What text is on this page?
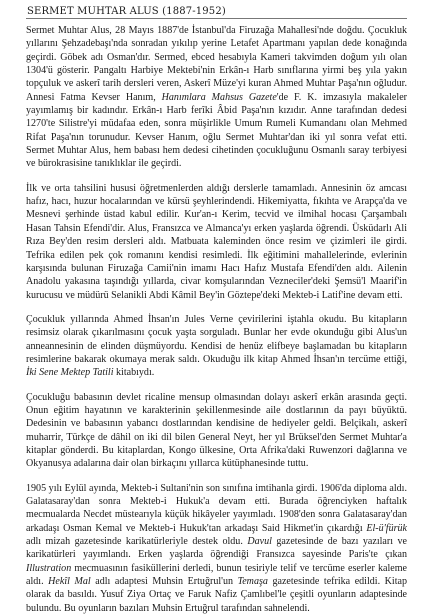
SERMET MUHTAR ALUS (1887-1952)

Sermet Muhtar Alus, 28 Mayıs 1887'de İstanbul'da Firuzağa Mahallesi'nde doğdu. Çocukluk yıllarını Şehzadebaşı'nda sonradan yıkılıp yerine Letafet Apartmanı yapılan dede konağında geçirdi. Göbek adı Osman'dır. Sermed, ebced hesabıyla Kameri takvimden doğum yılı olan 1304'ü gösterir. Pangaltı Harbiye Mektebi'nin Erkân-ı Harb sınıflarına yirmi beş yıla yakın topçuluk ve askerî tarih dersleri veren, Askerî Müze'yi kuran Ahmed Muhtar Paşa'nın oğludur. Annesi Fatma Kevser Hanım, Hanımlara Mahsus Gazete'de F. K. imzasıyla makaleler yayımlamış bir kadındır. Erkân-ı Harb ferîki Âbid Paşa'nın kızıdır. Anne tarafından dedesi 1270'te Silistre'yi müdafaa eden, sonra müşirlikle Umum Rumeli Kumandanı olan Mehmed Rifat Paşa'nın torunudur. Kevser Hanım, oğlu Sermet Muhtar'dan iki yıl sonra vefat etti. Sermet Muhtar Alus, hem babası hem dedesi cihetinden çocukluğunu Osmanlı saray terbiyesi ve bürokrasisine tanıklıklar ile geçirdi.

İlk ve orta tahsilini hususi öğretmenlerden aldığı derslerle tamamladı. Annesinin öz amcası hafız, hacı, huzur hocalarından ve kürsü şeyhlerindendi. Hikemiyatta, fıkıhta ve Arapça'da ve Mesnevi şerhinde üstad kabul edilir. Kur'an-ı Kerim, tecvid ve ilmihal hocası Çarşambalı Hasan Tahsin Efendi'dir. Alus, Fransızca ve Almanca'yı erken yaşlarda öğrendi. Üsküdarlı Ali Rıza Bey'den resim dersleri aldı. Matbuata kaleminden önce resim ve çizimleri ile girdi. Tefrika edilen pek çok romanını kendisi resimledi. İlk eğitimini mahallelerinde, evlerinin karşısında bulunan Firuzağa Camii'nin imamı Hacı Hafız Mustafa Efendi'den aldı. Ailenin Anadolu yakasına taşındığı yıllarda, civar komşularından Vezneciler'deki Şemsü'l Maarif'in kurucusu ve müdürü Selanikli Abdi Kâmil Bey'in Göztepe'deki Mekteb-i Latif'ine devam etti.

Çocukluk yıllarında Ahmed İhsan'ın Jules Verne çevirilerini iştahla okudu. Bu kitapların resimsiz olarak çıkarılmasını çocuk yaşta sorguladı. Bunlar her evde okunduğu gibi Alus'un anneannesinin de elinden düşmüyordu. Kendisi de henüz elifbeye başlamadan bu kitapların resimlerine bakarak okumaya merak saldı. Okuduğu ilk kitap Ahmed İhsan'ın tercüme ettiği, İki Sene Mektep Tatili kitabıydı.

Çocukluğu babasının devlet ricaline mensup olmasından dolayı askerî erkân arasında geçti. Onun eğitim hayatının ve karakterinin şekillenmesinde aile dostlarının da payı büyüktü. Dedesinin ve babasının yabancı dostlarından kendisine de hediyeler geldi. Belçikalı, askerî muharrir, Türkçe de dâhil on iki dil bilen General Neyt, her yıl Brüksel'den Sermet Muhtar'a kitaplar gönderdi. Bu kitaplardan, Kongo ülkesine, Orta Afrika'daki Ruwenzori dağlarına ve Okyanusya adalarına dair olan birkaçını yıllarca kütüphanesinde tuttu.

1905 yılı Eylül ayında, Mekteb-i Sultani'nin son sınıfına imtihanla girdi. 1906'da diploma aldı. Galatasaray'dan sonra Mekteb-i Hukuk'a devam etti. Burada öğrenciyken haftalık mecmualarda Necdet müstearıyla küçük hikâyeler yayımladı. 1908'den sonra Galatasaray'dan arkadaşı Osman Kemal ve Mekteb-i Hukuk'tan arkadaşı Said Hikmet'in çıkardığı El-ü'fürük adlı mizah gazetesinde karikatürleriyle destek oldu. Davul gazetesinde de bazı yazıları ve karikatürleri yayımlandı. Erken yaşlarda öğrendiği Fransızca sayesinde Paris'te çıkan Illustration mecmuasının fasiküllerini derledi, bunun tesiriyle telif ve tercüme eserler kaleme aldı. Hekîl Mal adlı adaptesi Muhsin Ertuğrul'un Temaşa gazetesinde tefrika edildi. Kitap olarak da basıldı. Yusuf Ziya Ortaç ve Faruk Nafiz Çamlıbel'le çeşitli oyunların adaptesinde bulundu. Bu oyunların bazıları Muhsin Ertuğrul tarafından sahnelendi.
